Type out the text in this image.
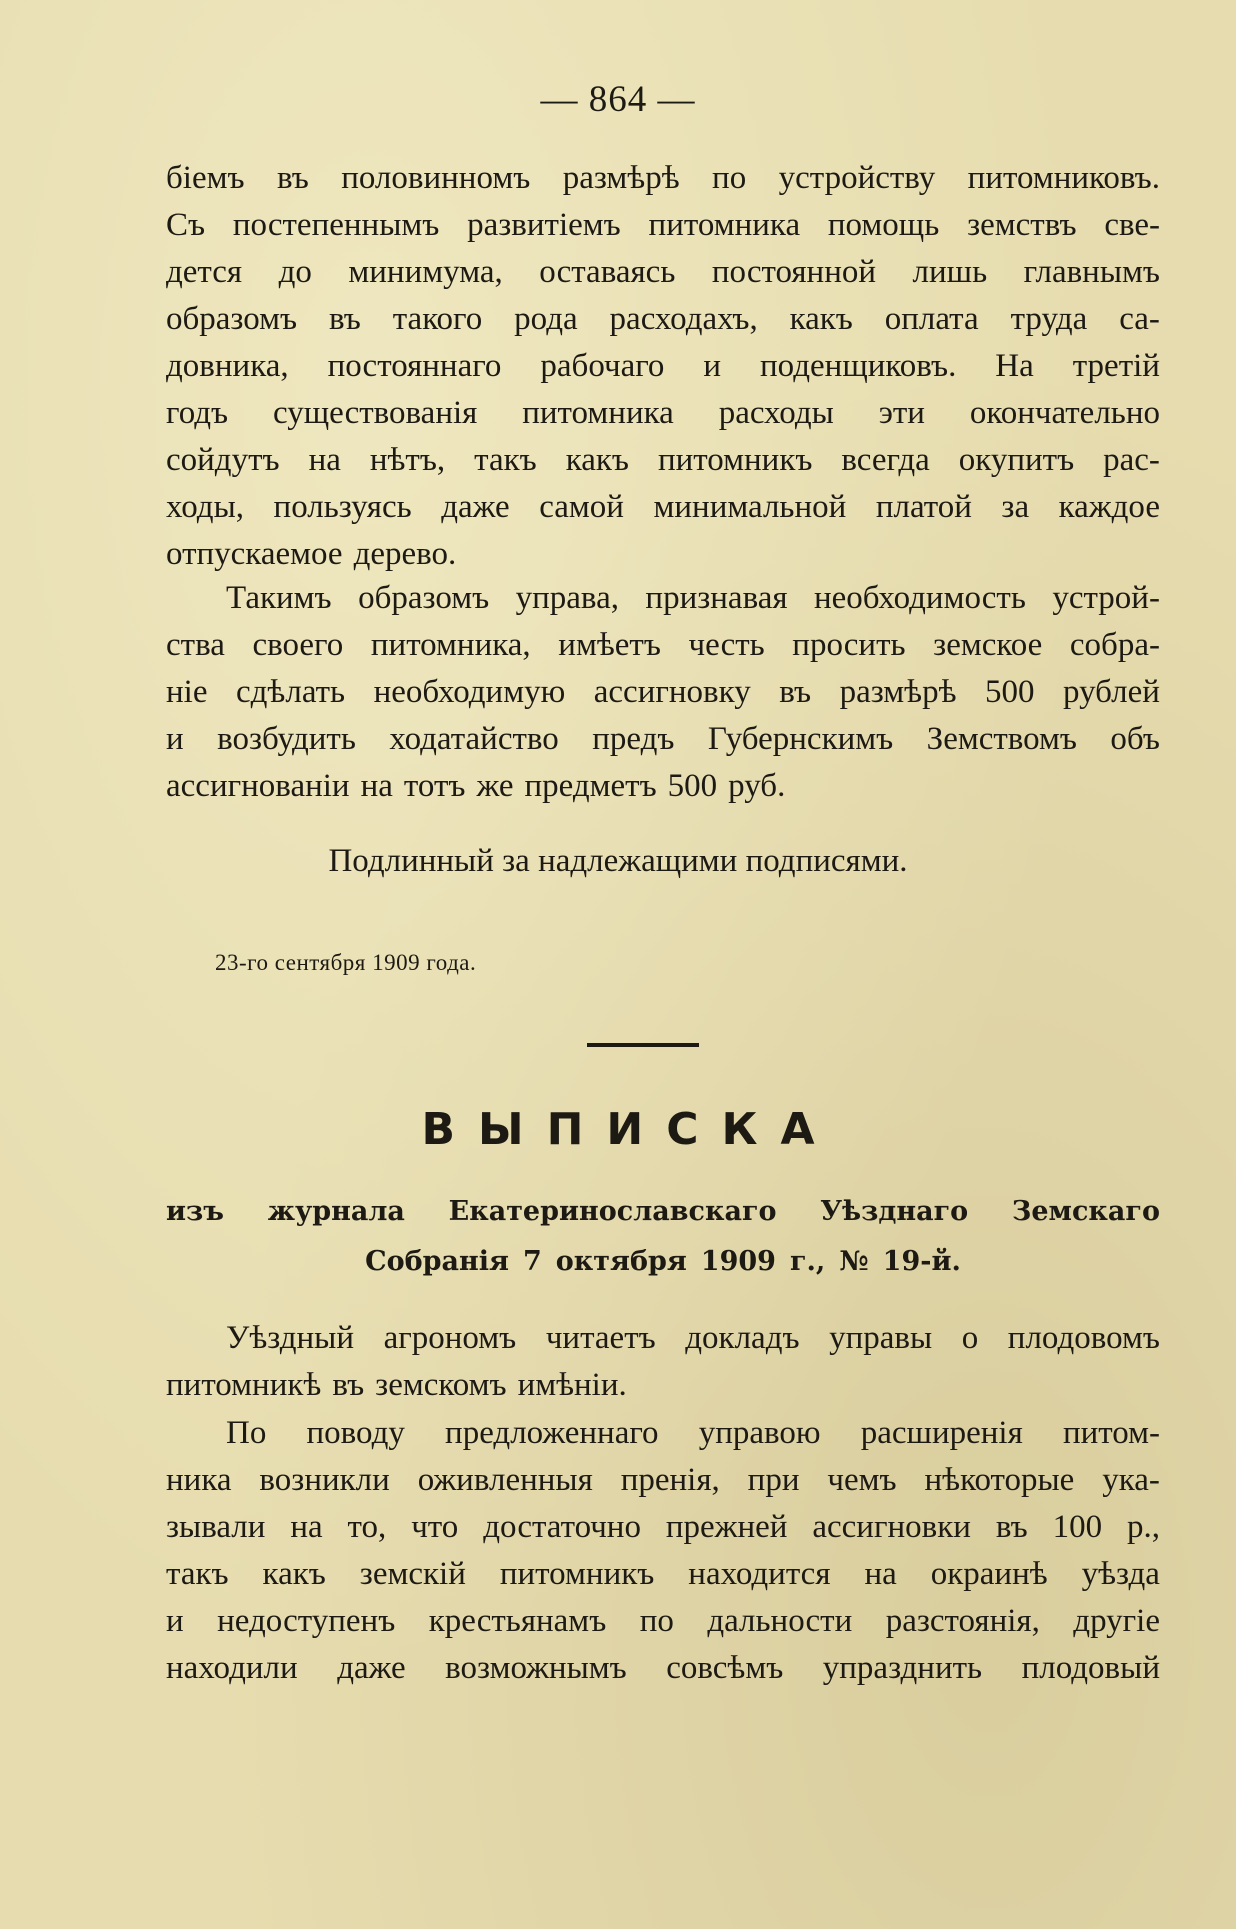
— 864 —
біемъ въ половинномъ размѣрѣ по устройству питомниковъ.
Съ постепеннымъ развитіемъ питомника помощь земствъ све-
дется до минимума, оставаясь постоянной лишь главнымъ
образомъ въ такого рода расходахъ, какъ оплата труда са-
довника, постояннаго рабочаго и поденщиковъ. На третій
годъ существованія питомника расходы эти окончательно
сойдутъ на нѣтъ, такъ какъ питомникъ всегда окупитъ рас-
ходы, пользуясь даже самой минимальной платой за каждое
отпускаемое дерево.
Такимъ образомъ управа, признавая необходимость устрой-
ства своего питомника, имѣетъ честь просить земское собра-
ніе сдѣлать необходимую ассигновку въ размѣрѣ 500 рублей
и возбудить ходатайство предъ Губернскимъ Земствомъ объ
ассигнованіи на тотъ же предметъ 500 руб.
Подлинный за надлежащими подписями.
23-го сентября 1909 года.
ВЫПИСКА
изъ журнала Екатеринославскаго Уѣзднаго Земскаго
Собранія 7 октября 1909 г., № 19-й.
Уѣздный агрономъ читаетъ докладъ управы о плодовомъ
питомникѣ въ земскомъ имѣніи.
По поводу предложеннаго управою расширенія питом-
ника возникли оживленныя пренія, при чемъ нѣкоторые ука-
зывали на то, что достаточно прежней ассигновки въ 100 р.,
такъ какъ земскій питомникъ находится на окраинѣ уѣзда
и недоступенъ крестьянамъ по дальности разстоянія, другіе
находили даже возможнымъ совсѣмъ упразднить плодовый
